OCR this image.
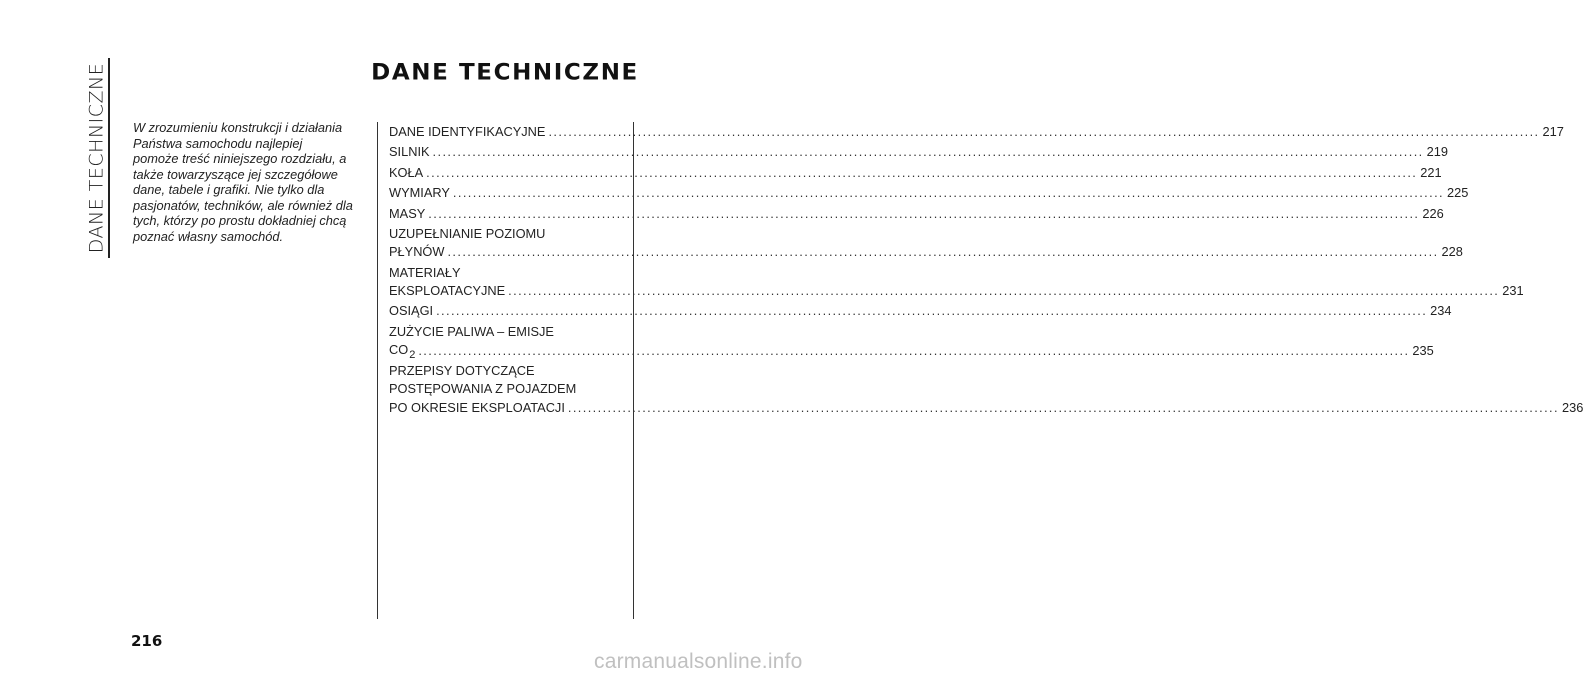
DANE TECHNICZNE	DANE TECHNICZNE
W zrozumieniu konstrukcji i działania
Państwa samochodu najlepiej
pomoże treść niniejszego rozdziału, a
także towarzyszące jej szczegółowe
dane, tabele i grafiki. Nie tylko dla
pasjonatów, techników, ale również dla
tych, którzy po prostu dokładniej chcą
poznać własny samochód.
DANE IDENTYFIKACYJNE ........................................................................................................................................................................................................ 217
SILNIK ........................................................................................................................................................................................................ 219
KOŁA ........................................................................................................................................................................................................ 221
WYMIARY ........................................................................................................................................................................................................ 225
MASY ........................................................................................................................................................................................................ 226
UZUPEŁNIANIE POZIOMU
PŁYNÓW ........................................................................................................................................................................................................ 228
MATERIAŁY
EKSPLOATACYJNE ........................................................................................................................................................................................................ 231
OSIĄGI ........................................................................................................................................................................................................ 234
ZUŻYCIE PALIWA – EMISJE
CO2 ........................................................................................................................................................................................................ 235
PRZEPISY DOTYCZĄCE
POSTĘPOWANIA Z POJAZDEM
PO OKRESIE EKSPLOATACJI ........................................................................................................................................................................................................ 236
216
carmanualsonline.info
